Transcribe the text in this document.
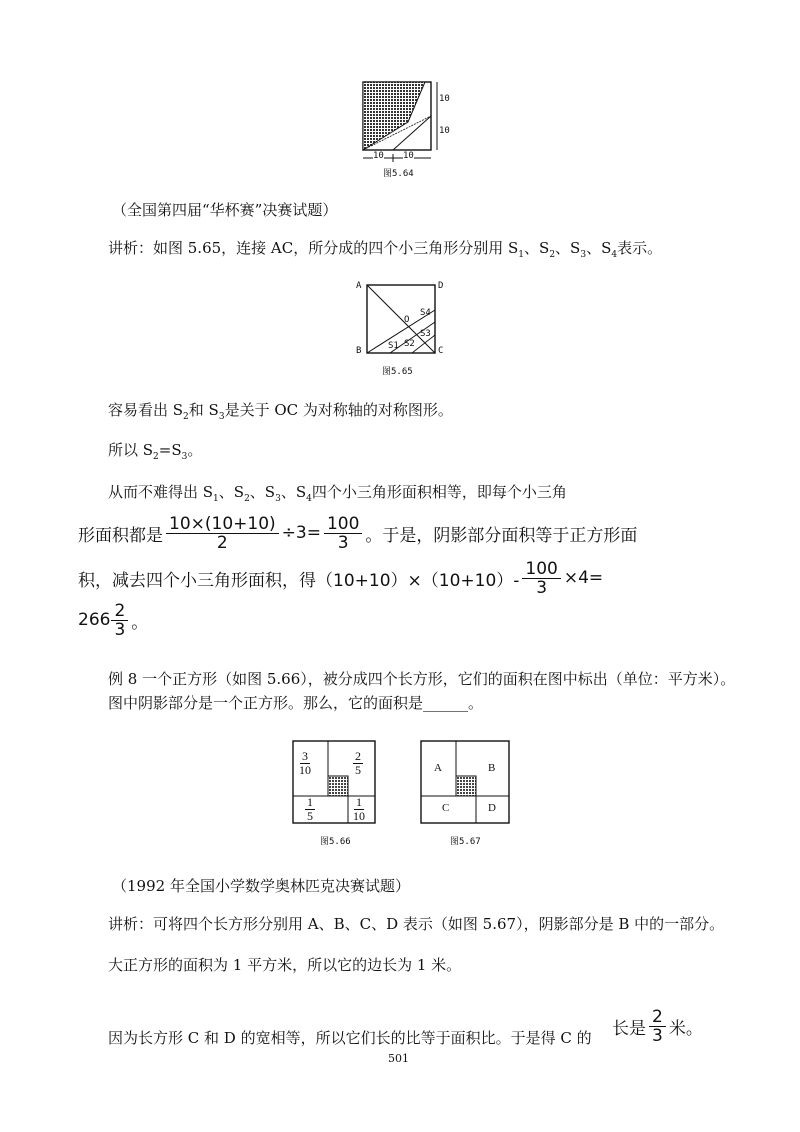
10
10
10 10
图5.64
（全国第四届“华杯赛”决赛试题）
讲析：如图 5.65，连接 AC，所分成的四个小三角形分别用 $S_1$、$S_2$、$S_3$、$S_4$表示。
A	D
B	C
O
S4
S3
S1 S2
图5.65
容易看出 $S_2$和 $S_3$是关于 OC 为对称轴的对称图形。
所以 $S_2=S_3$。
从而不难得出 $S_1$、$S_2$、$S_3$、$S_4$四个小三角形面积相等，即每个小三角
形面积都是 $\frac{10\times(10+10)}{2} \div 3= \frac{100}{3}$ 。于是，阴影部分面积等于正方形面
积，减去四个小三角形面积，得$(10+10)\times(10+10)- \frac{100}{3} \times 4=$
$266 \frac{2}{3}$ 。
例 8 一个正方形（如图 5.66），被分成四个长方形，它们的面积在图中标出（单位：平方米）。图中阴影部分是一个正方形。那么，它的面积是______。
$\frac{3}{10}$	$\frac{2}{5}$
$\frac{1}{5}$	$\frac{1}{10}$
图5.66
A	B
C	D
图5.67
（1992 年全国小学数学奥林匹克决赛试题）
讲析：可将四个长方形分别用 A、B、C、D 表示（如图 5.67），阴影部分是 B 中的一部分。
大正方形的面积为 1 平方米，所以它的边长为 1 米。
因为长方形 C 和 D 的宽相等，所以它们长的比等于面积比。于是得 C 的 长是 $\frac{2}{3}$ 米。
501
